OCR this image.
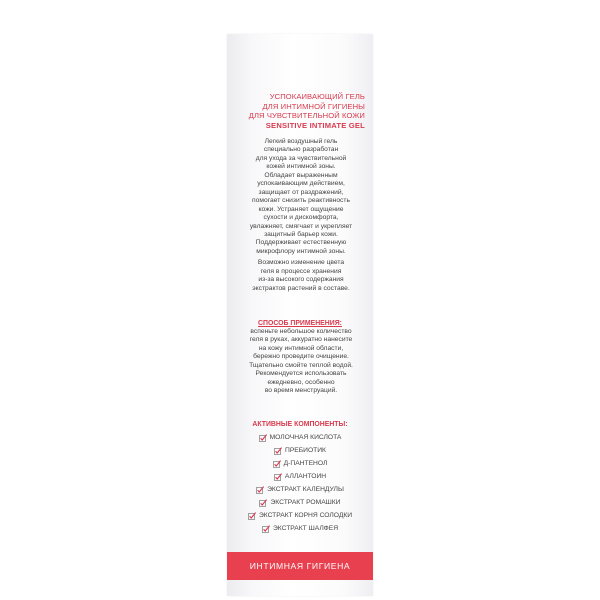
УСПОКАИВАЮЩИЙ ГЕЛЬ
ДЛЯ ИНТИМНОЙ ГИГИЕНЫ
ДЛЯ ЧУВСТВИТЕЛЬНОЙ КОЖИ
SENSITIVE INTIMATE GEL

Легкий воздушный гель
специально разработан
для ухода за чувствительной
кожей интимной зоны.
Обладает выраженным
успокаивающим действием,
защищает от раздражений,
помогает снизить реактивность
кожи. Устраняет ощущение
сухости и дискомфорта,
увлажняет, смягчает и укрепляет
защитный барьер кожи.
Поддерживает естественную
микрофлору интимной зоны.

Возможно изменение цвета
геля в процессе хранения
из-за высокого содержания
экстрактов растений в составе.

СПОСОБ ПРИМЕНЕНИЯ:
вспеньте небольшое количество
геля в руках, аккуратно нанесите
на кожу интимной области,
бережно проведите очищение.
Тщательно смойте теплой водой.
Рекомендуется использовать
ежедневно, особенно
во время менструаций.
АКТИВНЫЕ КОМПОНЕНТЫ:
МОЛОЧНАЯ КИСЛОТА
ПРЕБИОТИК
Д-ПАНТЕНОЛ
АЛЛАНТОИН
ЭКСТРАКТ КАЛЕНДУЛЫ
ЭКСТРАКТ РОМАШКИ
ЭКСТРАКТ КОРНЯ СОЛОДКИ
ЭКСТРАКТ ШАЛФЕЯ
ИНТИМНАЯ ГИГИЕНА
